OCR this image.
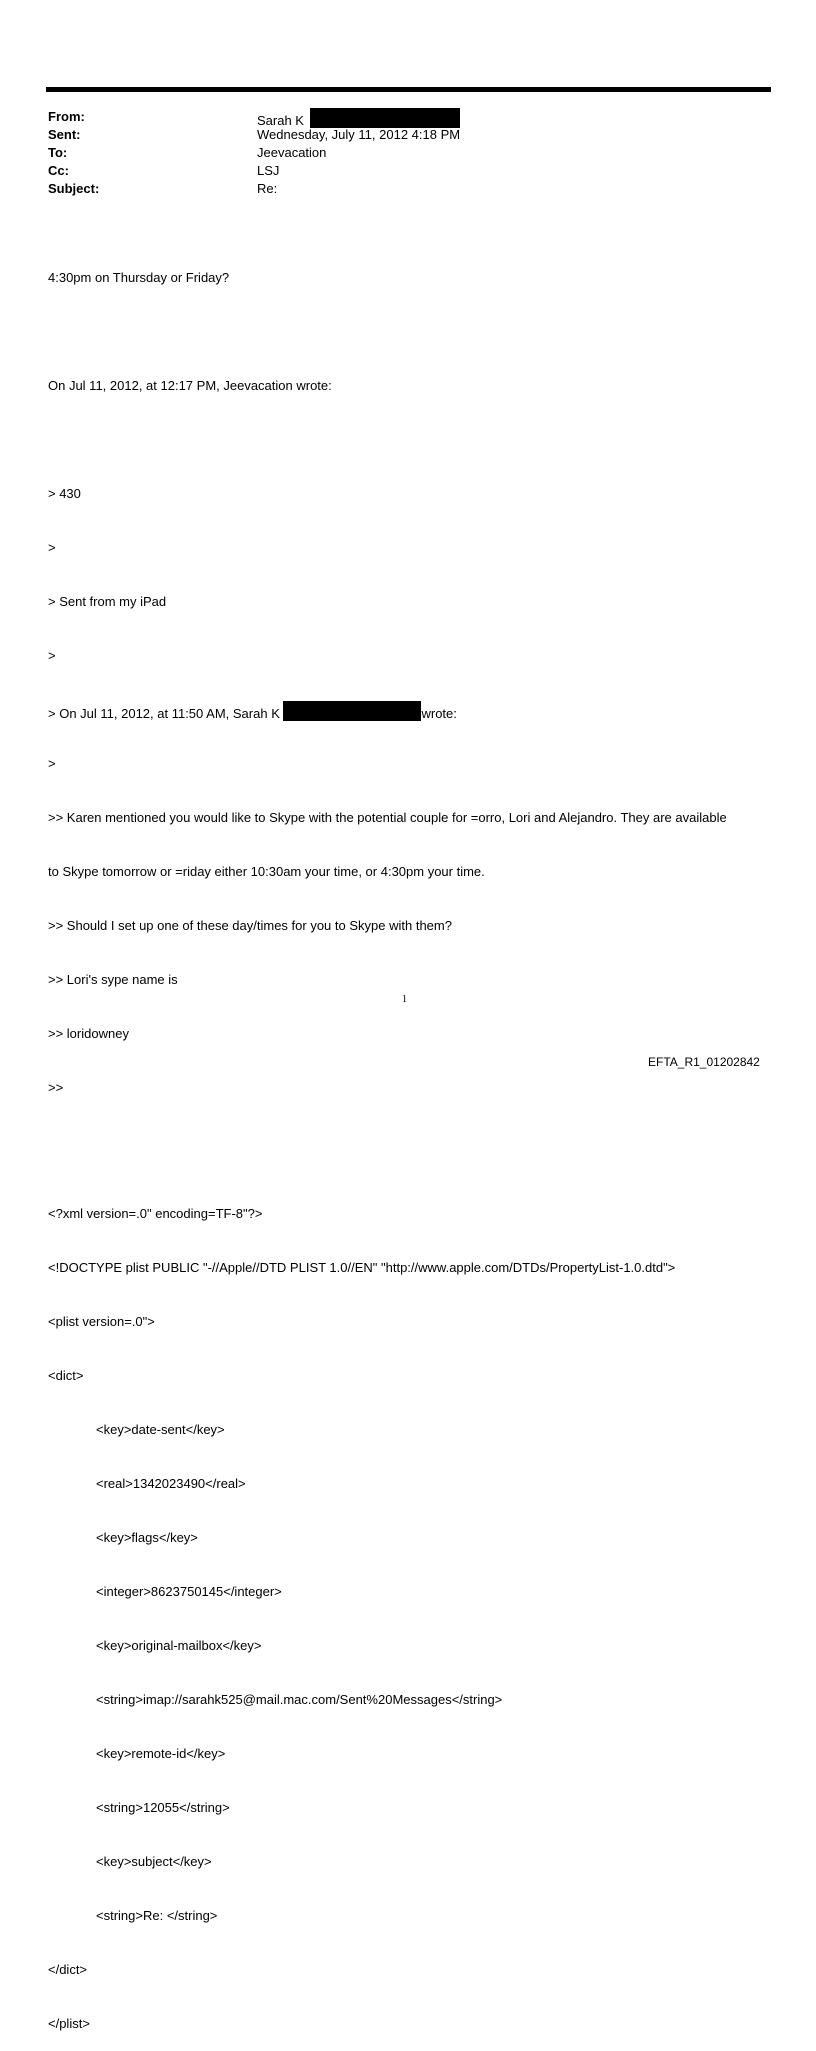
From:	Sarah K
Sent:	Wednesday, July 11, 2012 4:18 PM
To:	Jeevacation
Cc:	LSJ
Subject:	Re:

4:30pm on Thursday or Friday?

On Jul 11, 2012, at 12:17 PM, Jeevacation wrote:

> 430

>

> Sent from my iPad

>

> On Jul 11, 2012, at 11:50 AM, Sarah K	wrote:

>

>> Karen mentioned you would like to Skype with the potential couple for =orro, Lori and Alejandro. They are available

to Skype tomorrow or =riday either 10:30am your time, or 4:30pm your time.

>> Should I set up one of these day/times for you to Skype with them?

>> Lori's sype name is

>> loridowney

>>

<?xml version=.0" encoding=TF-8"?>

<!DOCTYPE plist PUBLIC "-//Apple//DTD PLIST 1.0//EN" "http://www.apple.com/DTDs/PropertyList-1.0.dtd">

<plist version=.0">

<dict>

<key>date-sent</key>

<real>1342023490</real>

<key>flags</key>

<integer>8623750145</integer>

<key>original-mailbox</key>

<string>imap://sarahk525@mail.mac.com/Sent%20Messages</string>

<key>remote-id</key>

<string>12055</string>

<key>subject</key>

<string>Re: </string>

</dict>

</plist>

1
EFTA_R1_01202842
